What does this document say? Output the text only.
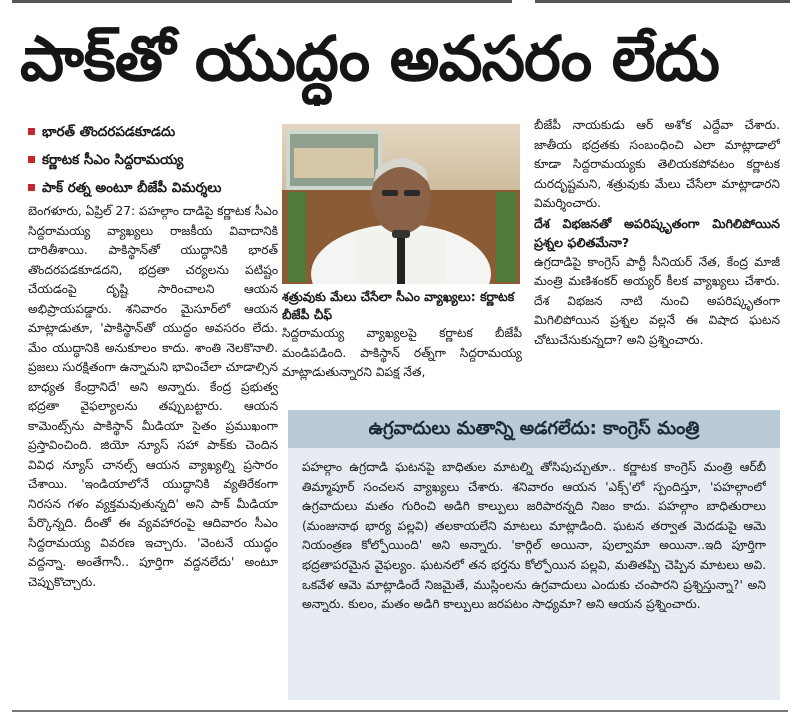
పాక్‌తో యుద్ధం అవసరం లేదు
భారత్ తొందరపడకూడదు
కర్ణాటక సీఎం సిద్దరామయ్య
పాక్ రత్న అంటూ బీజేపీ విమర్శలు
బెంగళూరు, ఏప్రిల్ 27: పహల్గాం దాడిపై కర్ణాటక సీఎం సిద్దరామయ్య వ్యాఖ్యలు రాజకీయ వివాదానికి దారితీశాయి. పాకిస్థాన్‌తో యుద్ధానికి భారత్ తొందరపడకూడదని, భద్రతా చర్యలను పటిష్టం చేయడంపై దృష్టి సారించాలని ఆయన అభిప్రాయపడ్డారు. శనివారం మైసూర్‌లో ఆయన మాట్లాడుతూ, 'పాకిస్థాన్‌తో యుద్ధం అవసరం లేదు. మేం యుద్ధానికి అనుకూలం కాదు. శాంతి నెలకొనాలి. ప్రజలు సురక్షితంగా ఉన్నామని భావించేలా చూడాల్సిన బాధ్యత కేంద్రానిదే' అని అన్నారు. కేంద్ర ప్రభుత్వ భద్రతా వైఫల్యాలను తప్పుబట్టారు. ఆయన కామెంట్స్‌ను పాకిస్థాన్ మీడియా సైతం ప్రముఖంగా ప్రస్తావించింది. జియో న్యూస్ సహా పాక్‌కు చెందిన వివిధ న్యూస్ చానల్స్ ఆయన వ్యాఖ్యల్ని ప్రసారం చేశాయి. 'ఇండియాలోనే యుద్ధానికి వ్యతిరేకంగా నిరసన గళం వ్యక్తమవుతున్నది' అని పాక్ మీడియా పేర్కొన్నది. దీంతో ఈ వ్యవహారంపై ఆదివారం సీఎం సిద్దరామయ్య వివరణ ఇచ్చారు. 'వెంటనే యుద్ధం వద్దన్నా. అంతేగానీ.. పూర్తిగా వద్దనలేదు' అంటూ చెప్పుకొచ్చారు.
శత్రువుకు మేలు చేసేలా సీఎం వ్యాఖ్యలు: కర్ణాటక బీజేపీ చీఫ్
సిద్దరామయ్య వ్యాఖ్యలపై కర్ణాటక బీజేపీ మండిపడింది. పాకిస్థాన్ రత్న్‌గా సిద్దరామయ్య మాట్లాడుతున్నారని విపక్ష నేత,
బీజేపీ నాయకుడు ఆర్ అశోక ఎద్దేవా చేశారు. జాతీయ భద్రతకు సంబంధించి ఎలా మాట్లాడాలో కూడా సిద్దరామయ్యకు తెలియకపోవటం కర్ణాటక దురదృష్టమని, శత్రువుకు మేలు చేసేలా మాట్లాడారని విమర్శించారు.
దేశ విభజనతో అపరిష్కృతంగా మిగిలిపోయిన ప్రశ్నల ఫలితమేనా?
ఉగ్రదాడిపై కాంగ్రెస్ పార్టీ సీనియర్ నేత, కేంద్ర మాజీ మంత్రి మణిశంకర్ అయ్యర్ కీలక వ్యాఖ్యలు చేశారు. దేశ విభజన నాటి నుంచి అపరిష్కృతంగా మిగిలిపోయిన ప్రశ్నల వల్లనే ఈ విషాద ఘటన చోటుచేసుకున్నదా? అని ప్రశ్నించారు.
ఉగ్రవాదులు మతాన్ని అడగలేదు: కాంగ్రెస్ మంత్రి
పహల్గాం ఉగ్రదాడి ఘటనపై బాధితుల మాటల్ని తోసిపుచ్చుతూ.. కర్ణాటక కాంగ్రెస్ మంత్రి ఆర్‌బీ తిమ్మాపూర్ సంచలన వ్యాఖ్యలు చేశారు. శనివారం ఆయన 'ఎక్స్'లో స్పందిస్తూ, 'పహల్గాంలో ఉగ్రవాదులు మతం గురించి అడిగి కాల్పులు జరిపారన్నది నిజం కాదు. పహల్గాం బాధితురాలు (మంజునాథ భార్య పల్లవి) తలకాయలేని మాటలు మాట్లాడింది. ఘటన తర్వాత మెదడుపై ఆమె నియంత్రణ కోల్పోయింది' అని అన్నారు. 'కార్గిల్ అయినా, పుల్వామా అయినా..ఇది పూర్తిగా భద్రతాపరమైన వైఫల్యం. ఘటనలో తన భర్తను కోల్పోయిన పల్లవి, మతితప్పి చెప్పిన మాటలు అవి. ఒకవేళ ఆమె మాట్లాడిందే నిజమైతే, ముస్లింలను ఉగ్రవాదులు ఎందుకు చంపారని ప్రశ్నిస్తున్నా?' అని అన్నారు. కులం, మతం అడిగి కాల్పులు జరపటం సాధ్యమా? అని ఆయన ప్రశ్నించారు.
